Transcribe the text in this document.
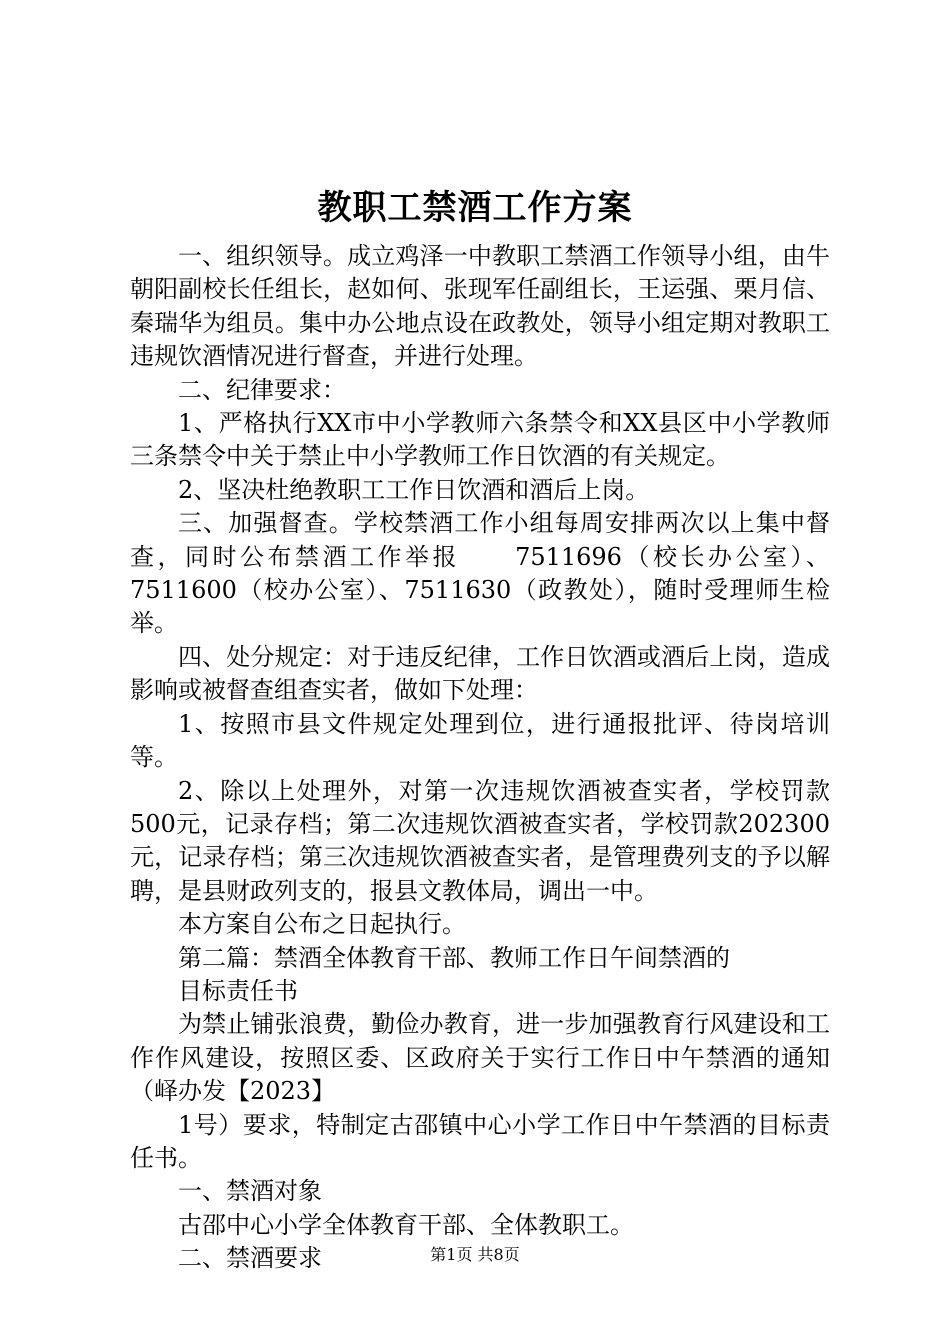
教职工禁酒工作方案

一、组织领导。成立鸡泽一中教职工禁酒工作领导小组，由牛朝阳副校长任组长，赵如何、张现军任副组长，王运强、栗月信、秦瑞华为组员。集中办公地点设在政教处，领导小组定期对教职工违规饮酒情况进行督查，并进行处理。

二、纪律要求：

1、严格执行XX市中小学教师六条禁令和XX县区中小学教师三条禁令中关于禁止中小学教师工作日饮酒的有关规定。

2、坚决杜绝教职工工作日饮酒和酒后上岗。

三、加强督查。学校禁酒工作小组每周安排两次以上集中督查，同时公布禁酒工作举报　　7511696（校长办公室）、7511600（校办公室）、7511630（政教处），随时受理师生检举。

四、处分规定：对于违反纪律，工作日饮酒或酒后上岗，造成影响或被督查组查实者，做如下处理：

1、按照市县文件规定处理到位，进行通报批评、待岗培训等。

2、除以上处理外，对第一次违规饮酒被查实者，学校罚款500元，记录存档；第二次违规饮酒被查实者，学校罚款202300元，记录存档；第三次违规饮酒被查实者，是管理费列支的予以解聘，是县财政列支的，报县文教体局，调出一中。

本方案自公布之日起执行。

第二篇：禁酒全体教育干部、教师工作日午间禁酒的

目标责任书

为禁止铺张浪费，勤俭办教育，进一步加强教育行风建设和工作作风建设，按照区委、区政府关于实行工作日中午禁酒的通知（峄办发【2023】

1号）要求，特制定古邵镇中心小学工作日中午禁酒的目标责任书。

一、禁酒对象

古邵中心小学全体教育干部、全体教职工。

二、禁酒要求	第1页 共8页
